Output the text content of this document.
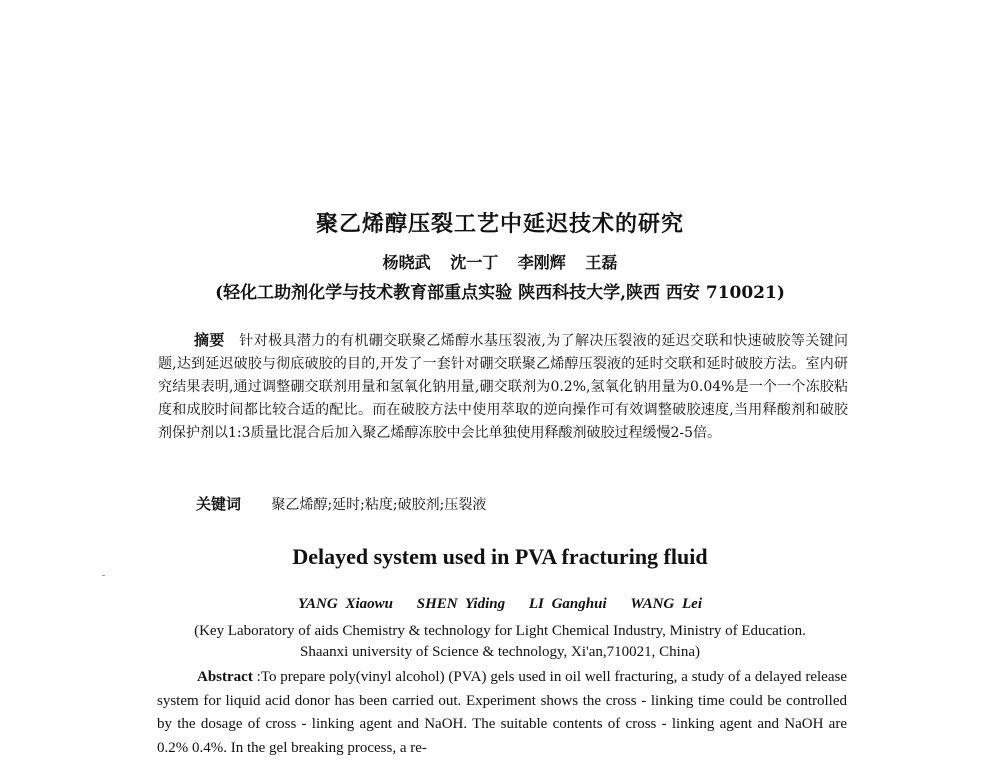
聚乙烯醇压裂工艺中延迟技术的研究
杨晓武 沈一丁 李刚辉 王磊
(轻化工助剂化学与技术教育部重点实验 陕西科技大学,陕西 西安 710021)
摘要 针对极具潜力的有机硼交联聚乙烯醇水基压裂液,为了解决压裂液的延迟交联和快速破胶等关键问题,达到延迟破胶与彻底破胶的目的,开发了一套针对硼交联聚乙烯醇压裂液的延时交联和延时破胶方法。室内研究结果表明,通过调整硼交联剂用量和氢氧化钠用量,硼交联剂为0.2%,氢氧化钠用量为0.04%是一个一个冻胶粘度和成胶时间都比较合适的配比。而在破胶方法中使用萃取的逆向操作可有效调整破胶速度,当用释酸剂和破胶剂保护剂以1:3质量比混合后加入聚乙烯醇冻胶中会比单独使用释酸剂破胶过程缓慢2-5倍。
关键词 聚乙烯醇;延时;粘度;破胶剂;压裂液
Delayed system used in PVA fracturing fluid
YANG Xiaowu SHEN Yiding LI Ganghui WANG Lei
(Key Laboratory of aids Chemistry & technology for Light Chemical Industry, Ministry of Education.
Shaanxi university of Science & technology, Xi'an,710021, China)
Abstract :To prepare poly(vinyl alcohol) (PVA) gels used in oil well fracturing, a study of a delayed release system for liquid acid donor has been carried out. Experiment shows the cross - linking time could be controlled by the dosage of cross - linking agent and NaOH. The suitable contents of cross - linking agent and NaOH are 0.2% 0.4%. In the gel breaking process, a re-
